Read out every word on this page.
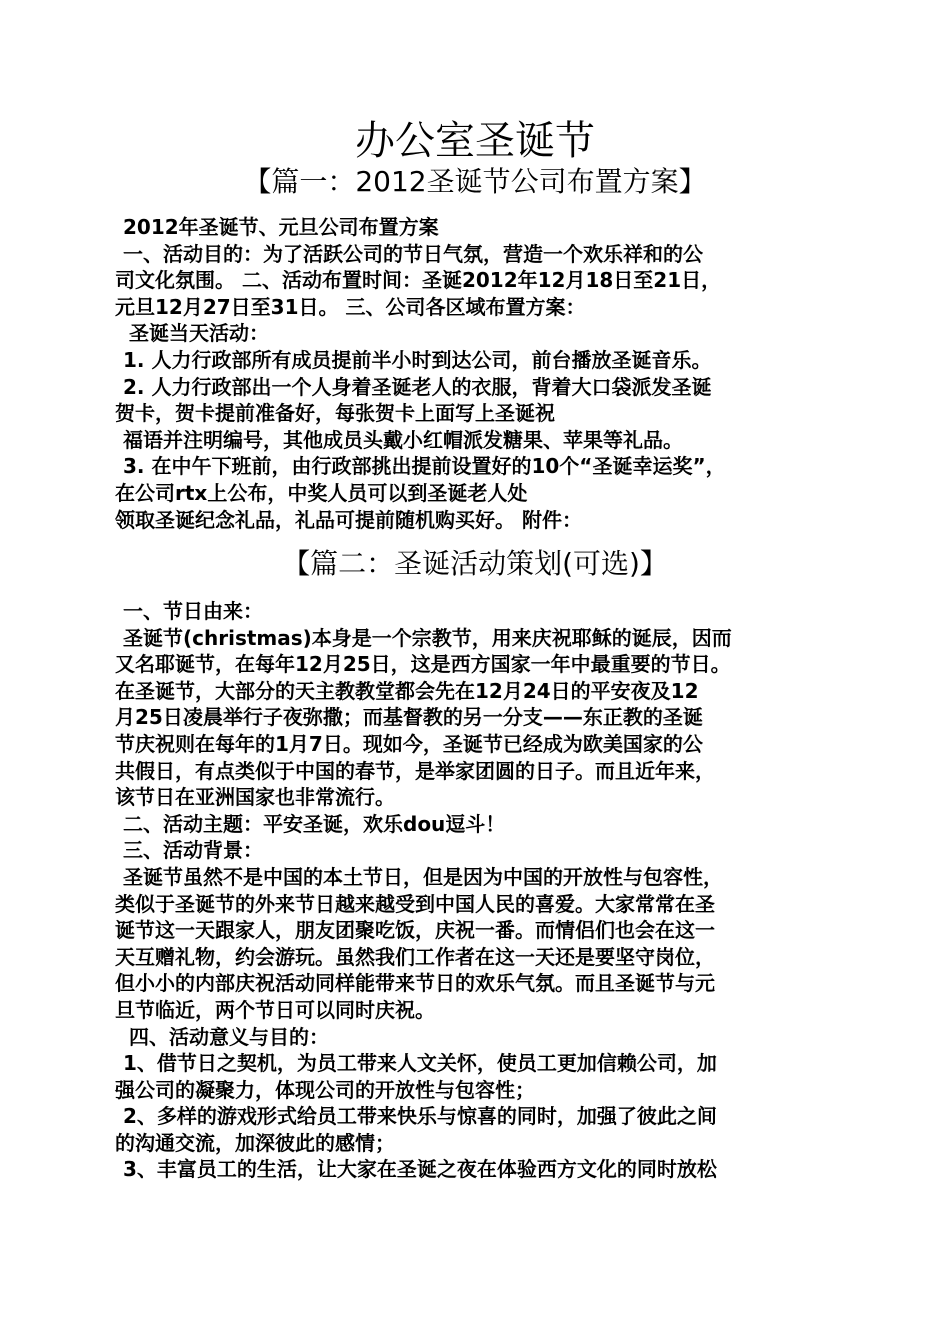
办公室圣诞节
【篇一：2012圣诞节公司布置方案】
2012年圣诞节、元旦公司布置方案
一、活动目的：为了活跃公司的节日气氛，营造一个欢乐祥和的公
司文化氛围。 二、活动布置时间：圣诞2012年12月18日至21日，
元旦12月27日至31日。 三、公司各区域布置方案：
圣诞当天活动：
1. 人力行政部所有成员提前半小时到达公司，前台播放圣诞音乐。
2. 人力行政部出一个人身着圣诞老人的衣服，背着大口袋派发圣诞
贺卡，贺卡提前准备好，每张贺卡上面写上圣诞祝
福语并注明编号，其他成员头戴小红帽派发糖果、苹果等礼品。
3. 在中午下班前，由行政部挑出提前设置好的10个“圣诞幸运奖”，
在公司rtx上公布，中奖人员可以到圣诞老人处
领取圣诞纪念礼品，礼品可提前随机购买好。 附件：
【篇二：圣诞活动策划(可选)】
一、节日由来：
圣诞节(christmas)本身是一个宗教节，用来庆祝耶稣的诞辰，因而
又名耶诞节，在每年12月25日，这是西方国家一年中最重要的节日。
在圣诞节，大部分的天主教教堂都会先在12月24日的平安夜及12
月25日凌晨举行子夜弥撒；而基督教的另一分支——东正教的圣诞
节庆祝则在每年的1月7日。现如今，圣诞节已经成为欧美国家的公
共假日，有点类似于中国的春节，是举家团圆的日子。而且近年来，
该节日在亚洲国家也非常流行。
二、活动主题：平安圣诞，欢乐dou逗斗！
三、活动背景：
圣诞节虽然不是中国的本土节日，但是因为中国的开放性与包容性，
类似于圣诞节的外来节日越来越受到中国人民的喜爱。大家常常在圣
诞节这一天跟家人，朋友团聚吃饭，庆祝一番。而情侣们也会在这一
天互赠礼物，约会游玩。虽然我们工作者在这一天还是要坚守岗位，
但小小的内部庆祝活动同样能带来节日的欢乐气氛。而且圣诞节与元
旦节临近，两个节日可以同时庆祝。
四、活动意义与目的：
1、借节日之契机，为员工带来人文关怀，使员工更加信赖公司，加
强公司的凝聚力，体现公司的开放性与包容性；
2、多样的游戏形式给员工带来快乐与惊喜的同时，加强了彼此之间
的沟通交流，加深彼此的感情；
3、丰富员工的生活，让大家在圣诞之夜在体验西方文化的同时放松
